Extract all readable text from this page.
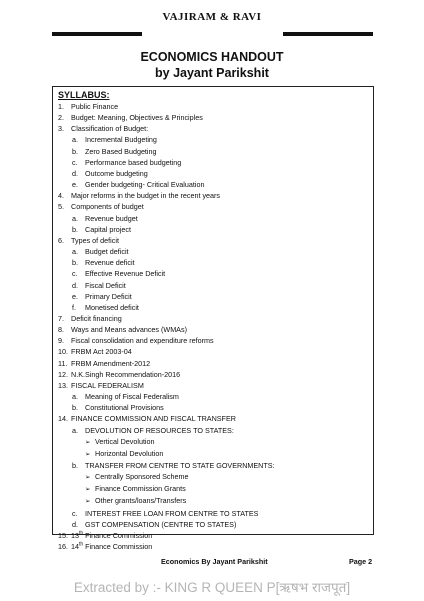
VAJIRAM & RAVI
ECONOMICS HANDOUT
by Jayant Parikshit
SYLLABUS:
1. Public Finance
2. Budget: Meaning, Objectives & Principles
3. Classification of Budget:
a. Incremental Budgeting
b. Zero Based Budgeting
c. Performance based budgeting
d. Outcome budgeting
e. Gender budgeting- Critical Evaluation
4. Major reforms in the budget in the recent years
5. Components of budget
a. Revenue budget
b. Capital project
6. Types of deficit
a. Budget deficit
b. Revenue deficit
c. Effective Revenue Deficit
d. Fiscal Deficit
e. Primary Deficit
f. Monetised deficit
7. Deficit financing
8. Ways and Means advances (WMAs)
9. Fiscal consolidation and expenditure reforms
10. FRBM Act 2003-04
11. FRBM Amendment-2012
12. N.K.Singh Recommendation-2016
13. FISCAL FEDERALISM
a. Meaning of Fiscal Federalism
b. Constitutional Provisions
14. FINANCE COMMISSION AND FISCAL TRANSFER
a. DEVOLUTION OF RESOURCES TO STATES:
➢ Vertical Devolution
➢ Horizontal Devolution
b. TRANSFER FROM CENTRE TO STATE GOVERNMENTS:
➢ Centrally Sponsored Scheme
➢ Finance Commission Grants
➢ Other grants/loans/Transfers
c. INTEREST FREE LOAN FROM CENTRE TO STATES
d. GST COMPENSATION (CENTRE TO STATES)
15. 13th Finance Commission
16. 14th Finance Commission
Economics By Jayant Parikshit	Page 2
Extracted by :- KING R QUEEN P[ऋषभ राजपूत]
